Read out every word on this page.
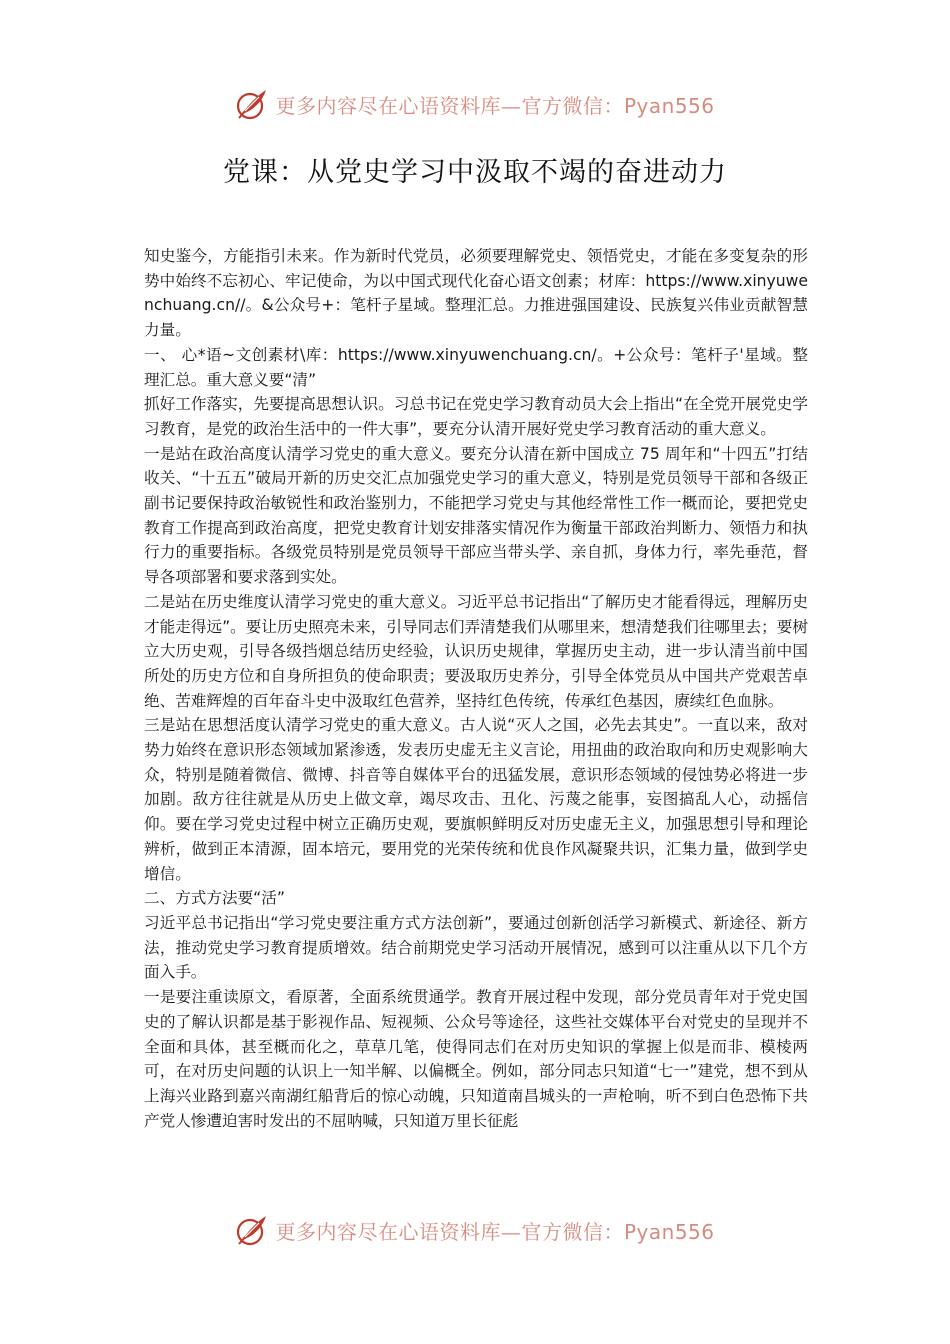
更多内容尽在心语资料库—官方微信：Pyan556
党课：从党史学习中汲取不竭的奋进动力

知史鉴今，方能指引未来。作为新时代党员，必须要理解党史、领悟党史，才能在多变复杂的形势中始终不忘初心、牢记使命，为以中国式现代化奋心语文创素；材库：https://www.xinyuwenchuang.cn//。&公众号+：笔杆子星域。整理汇总。力推进强国建设、民族复兴伟业贡献智慧力量。

一、 心*语~文创素材\库：https://www.xinyuwenchuang.cn/。+公众号：笔杆子'星域。整理汇总。重大意义要“清”

抓好工作落实，先要提高思想认识。习总书记在党史学习教育动员大会上指出“在全党开展党史学习教育，是党的政治生活中的一件大事”，要充分认清开展好党史学习教育活动的重大意义。

一是站在政治高度认清学习党史的重大意义。要充分认清在新中国成立 75 周年和“十四五”打结收关、“十五五”破局开新的历史交汇点加强党史学习的重大意义，特别是党员领导干部和各级正副书记要保持政治敏锐性和政治鉴别力，不能把学习党史与其他经常性工作一概而论，要把党史教育工作提高到政治高度，把党史教育计划安排落实情况作为衡量干部政治判断力、领悟力和执行力的重要指标。各级党员特别是党员领导干部应当带头学、亲自抓，身体力行，率先垂范，督导各项部署和要求落到实处。

二是站在历史维度认清学习党史的重大意义。习近平总书记指出“了解历史才能看得远，理解历史才能走得远”。要让历史照亮未来，引导同志们弄清楚我们从哪里来，想清楚我们往哪里去；要树立大历史观，引导各级挡烟总结历史经验，认识历史规律，掌握历史主动，进一步认清当前中国所处的历史方位和自身所担负的使命职责；要汲取历史养分，引导全体党员从中国共产党艰苦卓绝、苦难辉煌的百年奋斗史中汲取红色营养，坚持红色传统，传承红色基因，赓续红色血脉。

三是站在思想活度认清学习党史的重大意义。古人说“灭人之国，必先去其史”。一直以来，敌对势力始终在意识形态领域加紧渗透，发表历史虚无主义言论，用扭曲的政治取向和历史观影响大众，特别是随着微信、微博、抖音等自媒体平台的迅猛发展，意识形态领域的侵蚀势必将进一步加剧。敌方往往就是从历史上做文章，竭尽攻击、丑化、污蔑之能事，妄图搞乱人心，动摇信仰。要在学习党史过程中树立正确历史观，要旗帜鲜明反对历史虚无主义，加强思想引导和理论辨析，做到正本清源，固本培元，要用党的光荣传统和优良作风凝聚共识，汇集力量，做到学史增信。

二、方式方法要“活”

习近平总书记指出“学习党史要注重方式方法创新”，要通过创新创活学习新模式、新途径、新方法，推动党史学习教育提质增效。结合前期党史学习活动开展情况，感到可以注重从以下几个方面入手。

一是要注重读原文，看原著，全面系统贯通学。教育开展过程中发现，部分党员青年对于党史国史的了解认识都是基于影视作品、短视频、公众号等途径，这些社交媒体平台对党史的呈现并不全面和具体，甚至概而化之，草草几笔，使得同志们在对历史知识的掌握上似是而非、模棱两可，在对历史问题的认识上一知半解、以偏概全。例如，部分同志只知道“七一”建党，想不到从上海兴业路到嘉兴南湖红船背后的惊心动魄，只知道南昌城头的一声枪响，听不到白色恐怖下共产党人惨遭迫害时发出的不屈呐喊，只知道万里长征彪

更多内容尽在心语资料库—官方微信：Pyan556
